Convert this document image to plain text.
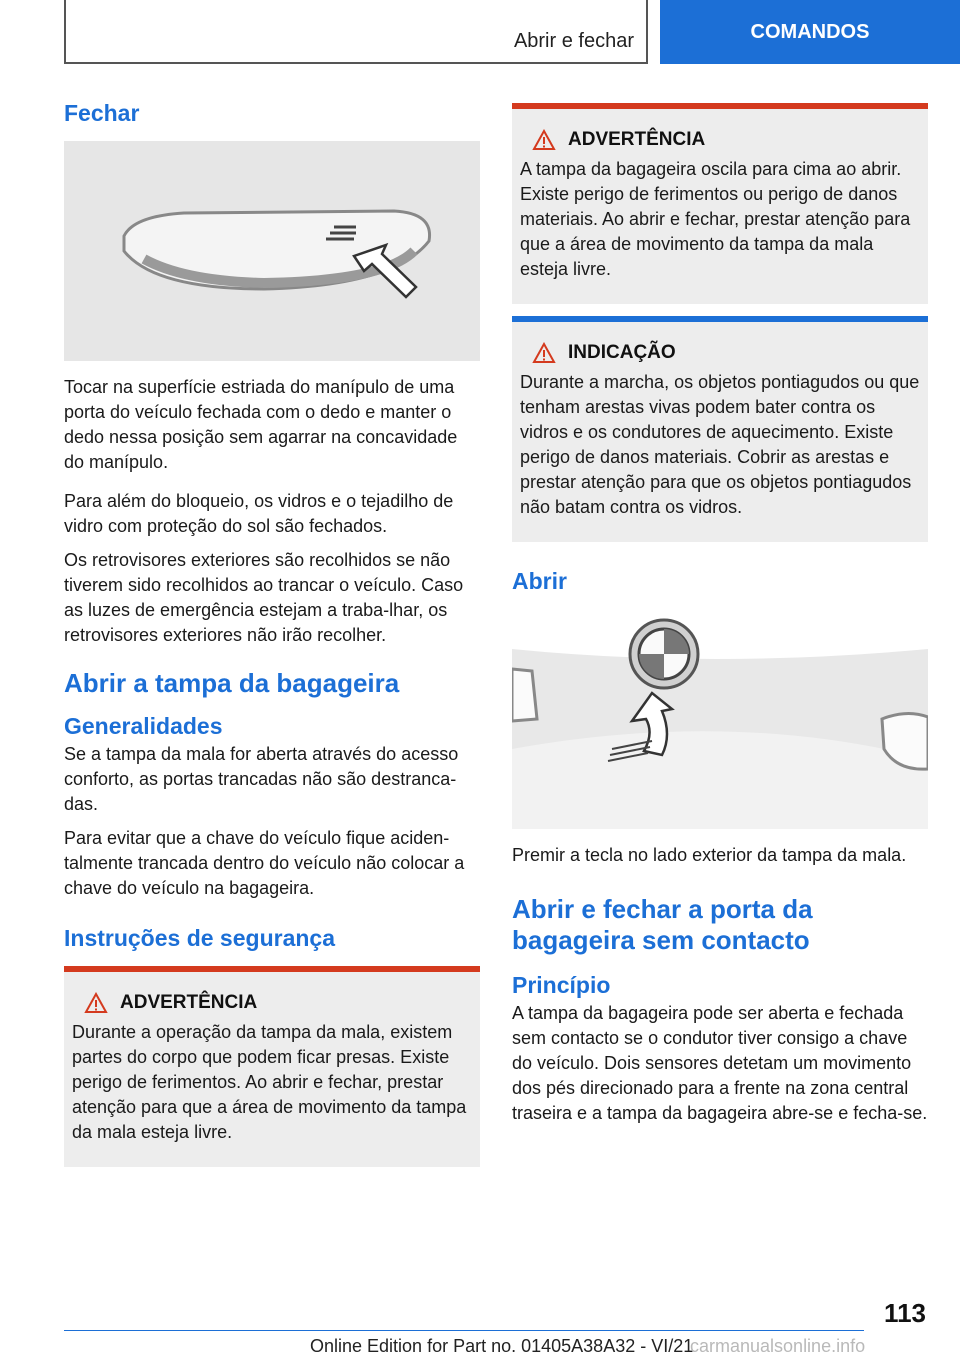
Abrir e fechar	COMANDOS
Fechar

Tocar na superfície estriada do manípulo de uma porta do veículo fechada com o dedo e manter o dedo nessa posição sem agarrar na concavidade do manípulo.

Para além do bloqueio, os vidros e o tejadilho de vidro com proteção do sol são fechados.

Os retrovisores exteriores são recolhidos se não tiverem sido recolhidos ao trancar o veículo. Caso as luzes de emergência estejam a traba-lhar, os retrovisores exteriores não irão recolher.

Abrir a tampa da bagageira
Generalidades

Se a tampa da mala for aberta através do acesso conforto, as portas trancadas não são destranca-das.

Para evitar que a chave do veículo fique aciden-talmente trancada dentro do veículo não colocar a chave do veículo na bagageira.

Instruções de segurança
ADVERTÊNCIA

Durante a operação da tampa da mala, existem partes do corpo que podem ficar presas. Existe perigo de ferimentos. Ao abrir e fechar, prestar atenção para que a área de movimento da tampa da mala esteja livre.

ADVERTÊNCIA

A tampa da bagageira oscila para cima ao abrir. Existe perigo de ferimentos ou perigo de danos materiais. Ao abrir e fechar, prestar atenção para que a área de movimento da tampa da mala esteja livre.

INDICAÇÃO

Durante a marcha, os objetos pontiagudos ou que tenham arestas vivas podem bater contra os vidros e os condutores de aquecimento. Existe perigo de danos materiais. Cobrir as arestas e prestar atenção para que os objetos pontiagudos não batam contra os vidros.

Abrir

Premir a tecla no lado exterior da tampa da mala.

Abrir e fechar a porta da bagageira sem contacto
Princípio

A tampa da bagageira pode ser aberta e fechada sem contacto se o condutor tiver consigo a chave do veículo. Dois sensores detetam um movimento dos pés direcionado para a frente na zona central traseira e a tampa da bagageira abre-se e fecha-se.

113
Online Edition for Part no. 01405A38A32 - VI/21
carmanualsonline.info
